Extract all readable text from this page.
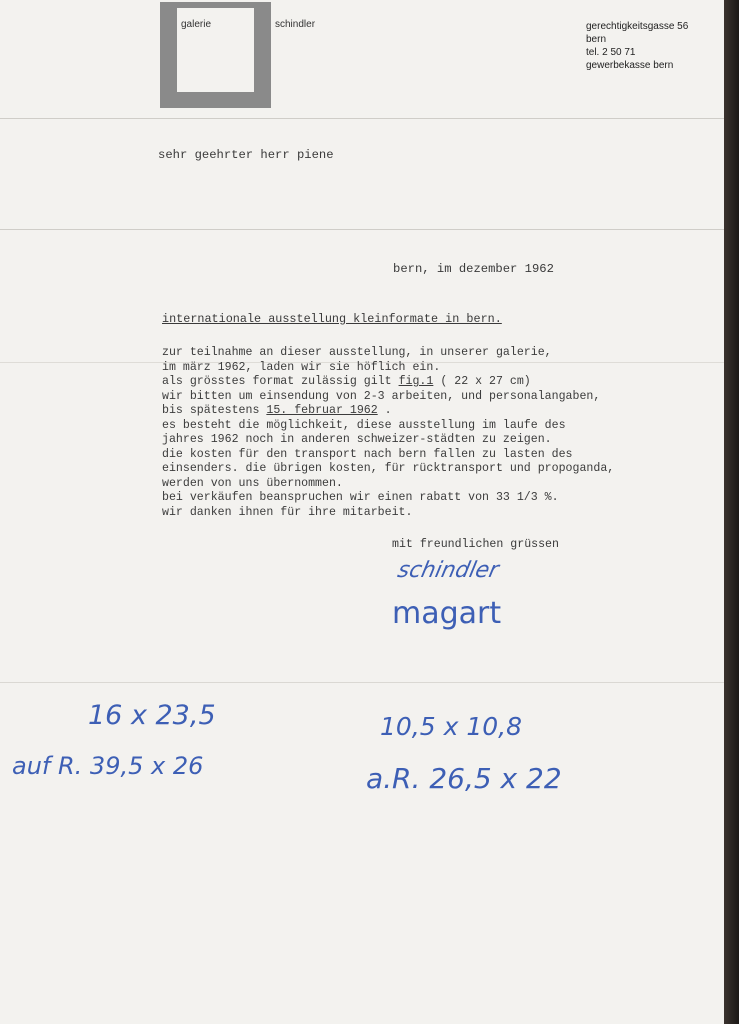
galerie	schindler	gerechtigkeitsgasse 56
bern
tel. 2 50 71
gewerbekasse bern
sehr geehrter herr piene
bern, im dezember 1962
internationale ausstellung kleinformate in bern.
zur teilnahme an dieser ausstellung, in unserer galerie,
im märz 1962, laden wir sie höflich ein.
als grösstes format zulässig gilt fig.1 ( 22 x 27 cm)
wir bitten um einsendung von 2-3 arbeiten, und personalangaben,
bis spätestens 15. februar 1962 .
es besteht die möglichkeit, diese ausstellung im laufe des
jahres 1962 noch in anderen schweizer-städten zu zeigen.
die kosten für den transport nach bern fallen zu lasten des
einsenders. die übrigen kosten, für rücktransport und propoganda,
werden von uns übernommen.
bei verkäufen beanspruchen wir einen rabatt von 33 1/3 %.
wir danken ihnen für ihre mitarbeit.
mit freundlichen grüssen
schindler
magart
16 x 23,5
auf R. 39,5 x 26
10,5 x 10,8
a.R. 26,5 x 22
